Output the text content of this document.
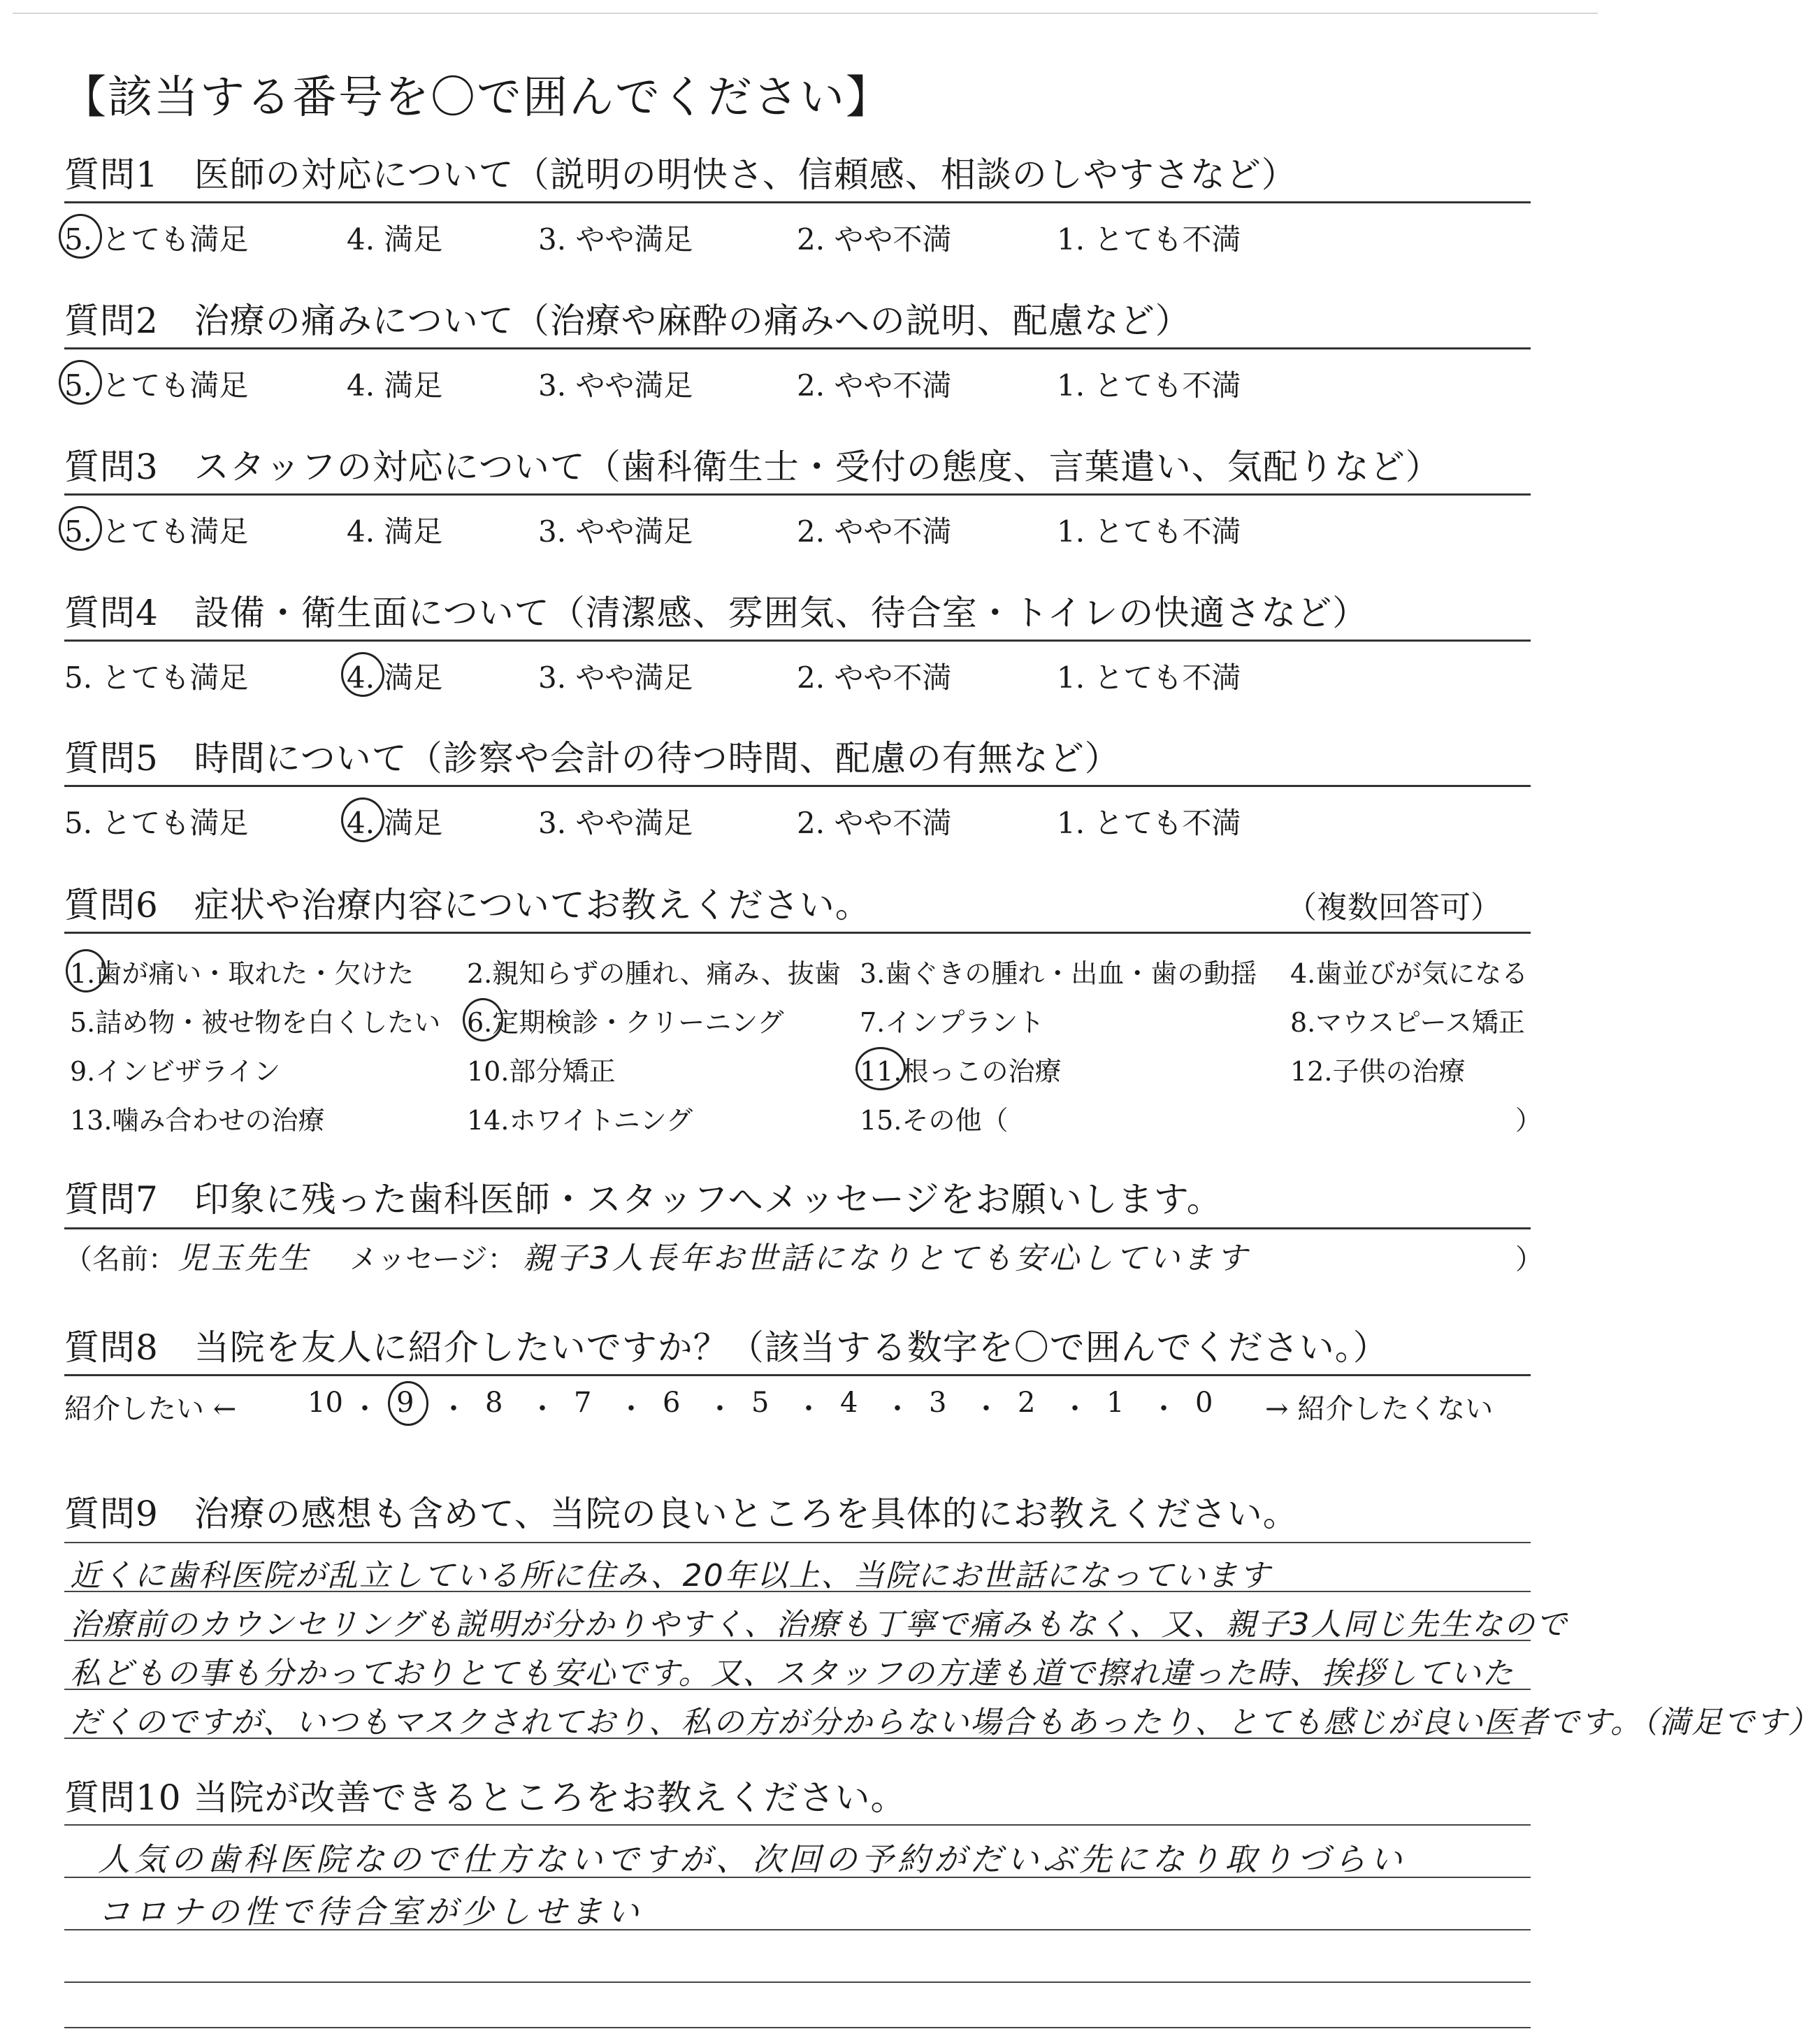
【該当する番号を〇で囲んでください】
質問1　医師の対応について（説明の明快さ、信頼感、相談のしやすさなど）
5. とても満足	4. 満足	3. やや満足	2. やや不満	1. とても不満
質問2　治療の痛みについて（治療や麻酔の痛みへの説明、配慮など）
5. とても満足	4. 満足	3. やや満足	2. やや不満	1. とても不満
質問3　スタッフの対応について（歯科衛生士・受付の態度、言葉遣い、気配りなど）
5. とても満足	4. 満足	3. やや満足	2. やや不満	1. とても不満
質問4　設備・衛生面について（清潔感、雰囲気、待合室・トイレの快適さなど）
5. とても満足	4. 満足	3. やや満足	2. やや不満	1. とても不満
質問5　時間について（診察や会計の待つ時間、配慮の有無など）
5. とても満足	4. 満足	3. やや満足	2. やや不満	1. とても不満
質問6　症状や治療内容についてお教えください。	（複数回答可）
1.歯が痛い・取れた・欠けた 2.親知らずの腫れ、痛み、抜歯 3.歯ぐきの腫れ・出血・歯の動揺 4.歯並びが気になる
5.詰め物・被せ物を白くしたい 6.定期検診・クリーニング	7.インプラント	8.マウスピース矯正
9.インビザライン	10.部分矯正	11.根っこの治療	12.子供の治療
13.噛み合わせの治療	14.ホワイトニング	15.その他（	）
質問7　印象に残った歯科医師・スタッフへメッセージをお願いします。
（名前： 児玉先生 メッセージ： 親子3人長年お世話になりとても安心しています	）
質問8　当院を友人に紹介したいですか？（該当する数字を〇で囲んでください。）
紹介したい ←	10 ・ 9 ・ 8 ・ 7 ・ 6 ・ 5 ・ 4 ・ 3 ・ 2 ・ 1 ・ 0 → 紹介したくない
質問9　治療の感想も含めて、当院の良いところを具体的にお教えください。
近くに歯科医院が乱立している所に住み、20年以上、当院にお世話になっています
治療前のカウンセリングも説明が分かりやすく、治療も丁寧で痛みもなく、又、親子3人同じ先生なので
私どもの事も分かっておりとても安心です。又、スタッフの方達も道で擦れ違った時、挨拶していた
だくのですが、いつもマスクされており、私の方が分からない場合もあったり、とても感じが良い医者です。（満足です）
質問10 当院が改善できるところをお教えください。
人気の歯科医院なので仕方ないですが、次回の予約がだいぶ先になり取りづらい
コロナの性で待合室が少しせまい
